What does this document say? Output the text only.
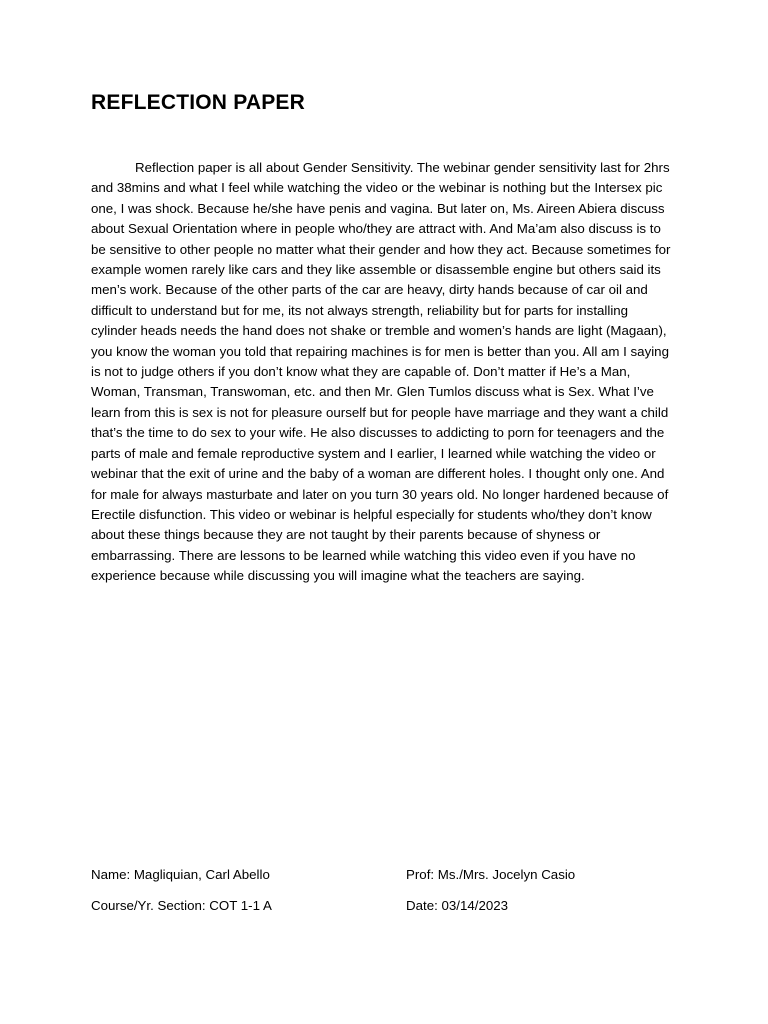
REFLECTION PAPER

Reflection paper is all about Gender Sensitivity. The webinar gender sensitivity last for 2hrs and 38mins and what I feel while watching the video or the webinar is nothing but the Intersex pic one, I was shock. Because he/she have penis and vagina. But later on, Ms. Aireen Abiera discuss about Sexual Orientation where in people who/they are attract with. And Ma’am also discuss is to be sensitive to other people no matter what their gender and how they act. Because sometimes for example women rarely like cars and they like assemble or disassemble engine but others said its men’s work. Because of the other parts of the car are heavy, dirty hands because of car oil and difficult to understand but for me, its not always strength, reliability but for parts for installing cylinder heads needs the hand does not shake or tremble and women’s hands are light (Magaan), you know the woman you told that repairing machines is for men is better than you. All am I saying is not to judge others if you don’t know what they are capable of. Don’t matter if He’s a Man, Woman, Transman, Transwoman, etc. and then Mr. Glen Tumlos discuss what is Sex. What I’ve learn from this is sex is not for pleasure ourself but for people have marriage and they want a child that’s the time to do sex to your wife. He also discusses to addicting to porn for teenagers and the parts of male and female reproductive system and I earlier, I learned while watching the video or webinar that the exit of urine and the baby of a woman are different holes. I thought only one. And for male for always masturbate and later on you turn 30 years old. No longer hardened because of Erectile disfunction. This video or webinar is helpful especially for students who/they don’t know about these things because they are not taught by their parents because of shyness or embarrassing. There are lessons to be learned while watching this video even if you have no experience because while discussing you will imagine what the teachers are saying.

Name: Magliquian, Carl Abello

Course/Yr. Section: COT 1-1 A

Prof: Ms./Mrs. Jocelyn Casio

Date: 03/14/2023
